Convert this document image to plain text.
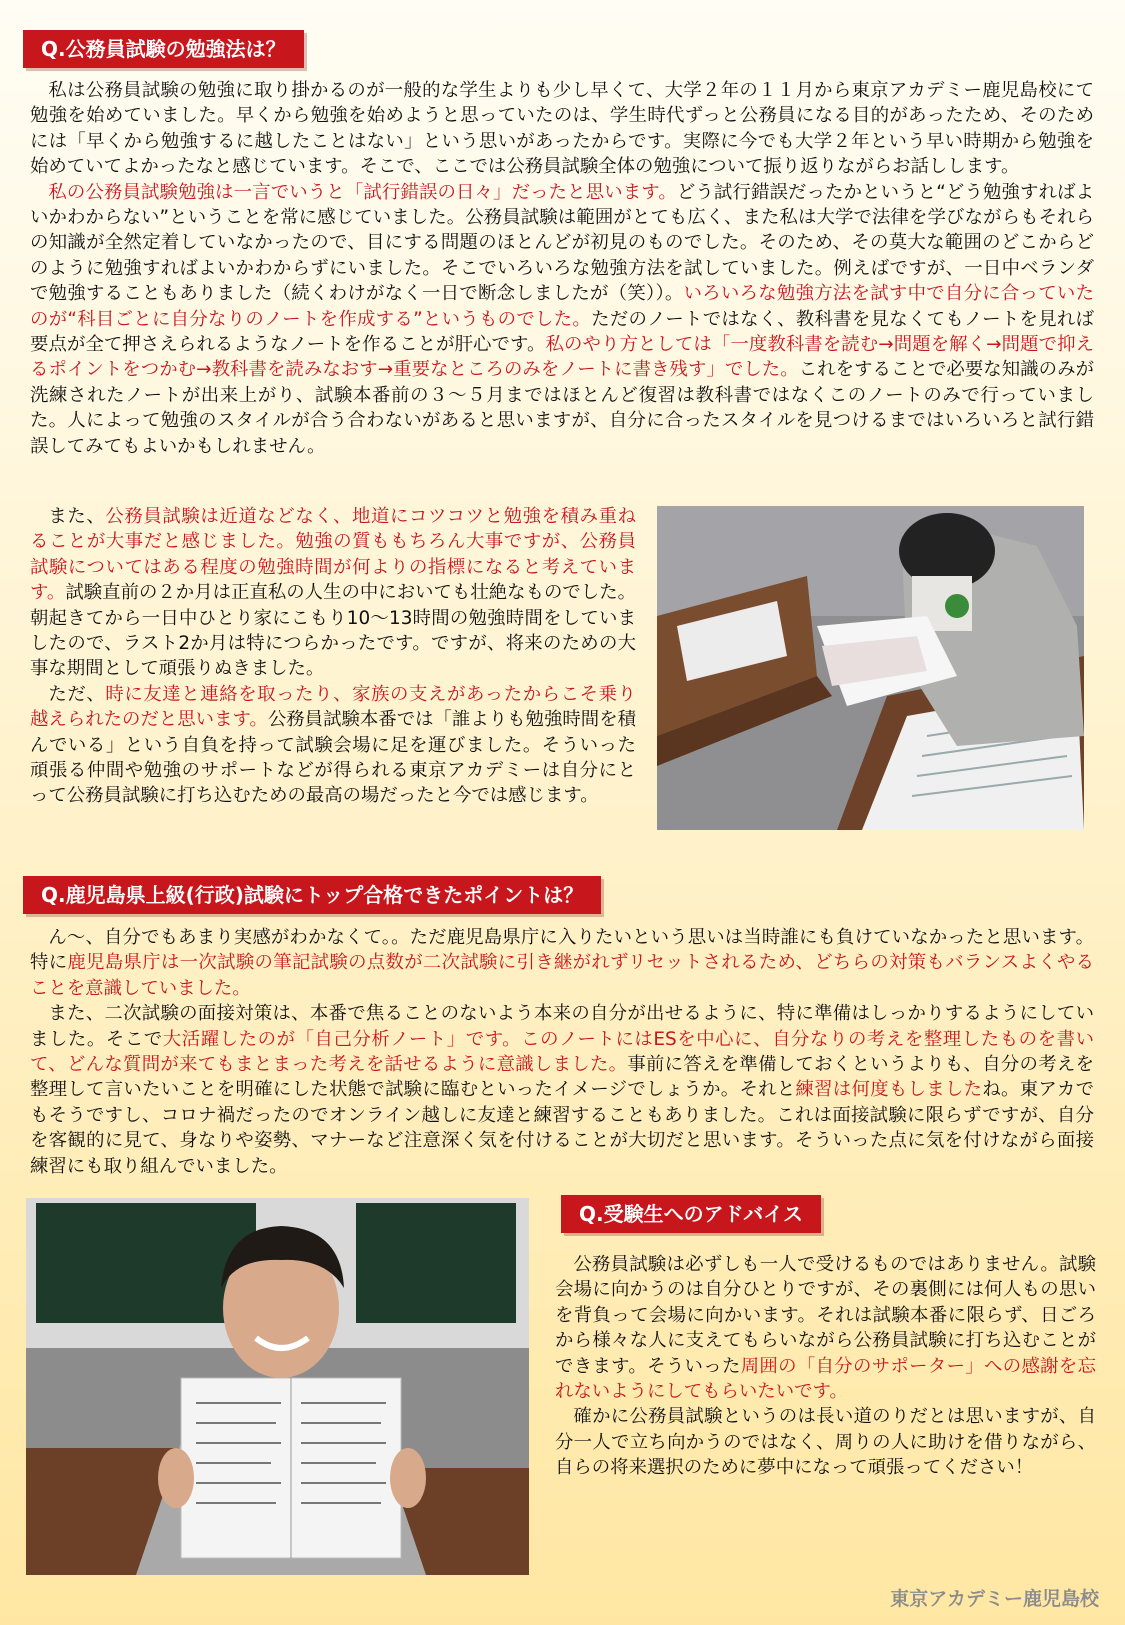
Q.公務員試験の勉強法は？

私は公務員試験の勉強に取り掛かるのが一般的な学生よりも少し早くて、大学２年の１１月から東京アカデミー鹿児島校にて勉強を始めていました。早くから勉強を始めようと思っていたのは、学生時代ずっと公務員になる目的があったため、そのためには「早くから勉強するに越したことはない」という思いがあったからです。実際に今でも大学２年という早い時期から勉強を始めていてよかったなと感じています。そこで、ここでは公務員試験全体の勉強について振り返りながらお話しします。

私の公務員試験勉強は一言でいうと「試行錯誤の日々」だったと思います。どう試行錯誤だったかというと“どう勉強すればよいかわからない”ということを常に感じていました。公務員試験は範囲がとても広く、また私は大学で法律を学びながらもそれらの知識が全然定着していなかったので、目にする問題のほとんどが初見のものでした。そのため、その莫大な範囲のどこからどのように勉強すればよいかわからずにいました。そこでいろいろな勉強方法を試していました。例えばですが、一日中ベランダで勉強することもありました（続くわけがなく一日で断念しましたが（笑））。いろいろな勉強方法を試す中で自分に合っていたのが“科目ごとに自分なりのノートを作成する”というものでした。ただのノートではなく、教科書を見なくてもノートを見れば要点が全て押さえられるようなノートを作ることが肝心です。私のやり方としては「一度教科書を読む→問題を解く→問題で抑えるポイントをつかむ→教科書を読みなおす→重要なところのみをノートに書き残す」でした。これをすることで必要な知識のみが洗練されたノートが出来上がり、試験本番前の３～５月まではほとんど復習は教科書ではなくこのノートのみで行っていました。人によって勉強のスタイルが合う合わないがあると思いますが、自分に合ったスタイルを見つけるまではいろいろと試行錯誤してみてもよいかもしれません。

また、公務員試験は近道などなく、地道にコツコツと勉強を積み重ねることが大事だと感じました。勉強の質ももちろん大事ですが、公務員試験についてはある程度の勉強時間が何よりの指標になると考えています。試験直前の２か月は正直私の人生の中においても壮絶なものでした。朝起きてから一日中ひとり家にこもり10～13時間の勉強時間をしていましたので、ラスト2か月は特につらかったです。ですが、将来のための大事な期間として頑張りぬきました。

ただ、時に友達と連絡を取ったり、家族の支えがあったからこそ乗り越えられたのだと思います。公務員試験本番では「誰よりも勉強時間を積んでいる」という自負を持って試験会場に足を運びました。そういった頑張る仲間や勉強のサポートなどが得られる東京アカデミーは自分にとって公務員試験に打ち込むための最高の場だったと今では感じます。

Q.鹿児島県上級(行政)試験にトップ合格できたポイントは？

ん～、自分でもあまり実感がわかなくて。。ただ鹿児島県庁に入りたいという思いは当時誰にも負けていなかったと思います。特に鹿児島県庁は一次試験の筆記試験の点数が二次試験に引き継がれずリセットされるため、どちらの対策もバランスよくやることを意識していました。

また、二次試験の面接対策は、本番で焦ることのないよう本来の自分が出せるように、特に準備はしっかりするようにしていました。そこで大活躍したのが「自己分析ノート」です。このノートにはESを中心に、自分なりの考えを整理したものを書いて、どんな質問が来てもまとまった考えを話せるように意識しました。事前に答えを準備しておくというよりも、自分の考えを整理して言いたいことを明確にした状態で試験に臨むといったイメージでしょうか。それと練習は何度もしましたね。東アカでもそうですし、コロナ禍だったのでオンライン越しに友達と練習することもありました。これは面接試験に限らずですが、自分を客観的に見て、身なりや姿勢、マナーなど注意深く気を付けることが大切だと思います。そういった点に気を付けながら面接練習にも取り組んでいました。

Q.受験生へのアドバイス

公務員試験は必ずしも一人で受けるものではありません。試験会場に向かうのは自分ひとりですが、その裏側には何人もの思いを背負って会場に向かいます。それは試験本番に限らず、日ごろから様々な人に支えてもらいながら公務員試験に打ち込むことができます。そういった周囲の「自分のサポーター」への感謝を忘れないようにしてもらいたいです。

確かに公務員試験というのは長い道のりだとは思いますが、自分一人で立ち向かうのではなく、周りの人に助けを借りながら、自らの将来選択のために夢中になって頑張ってください！

東京アカデミー鹿児島校
